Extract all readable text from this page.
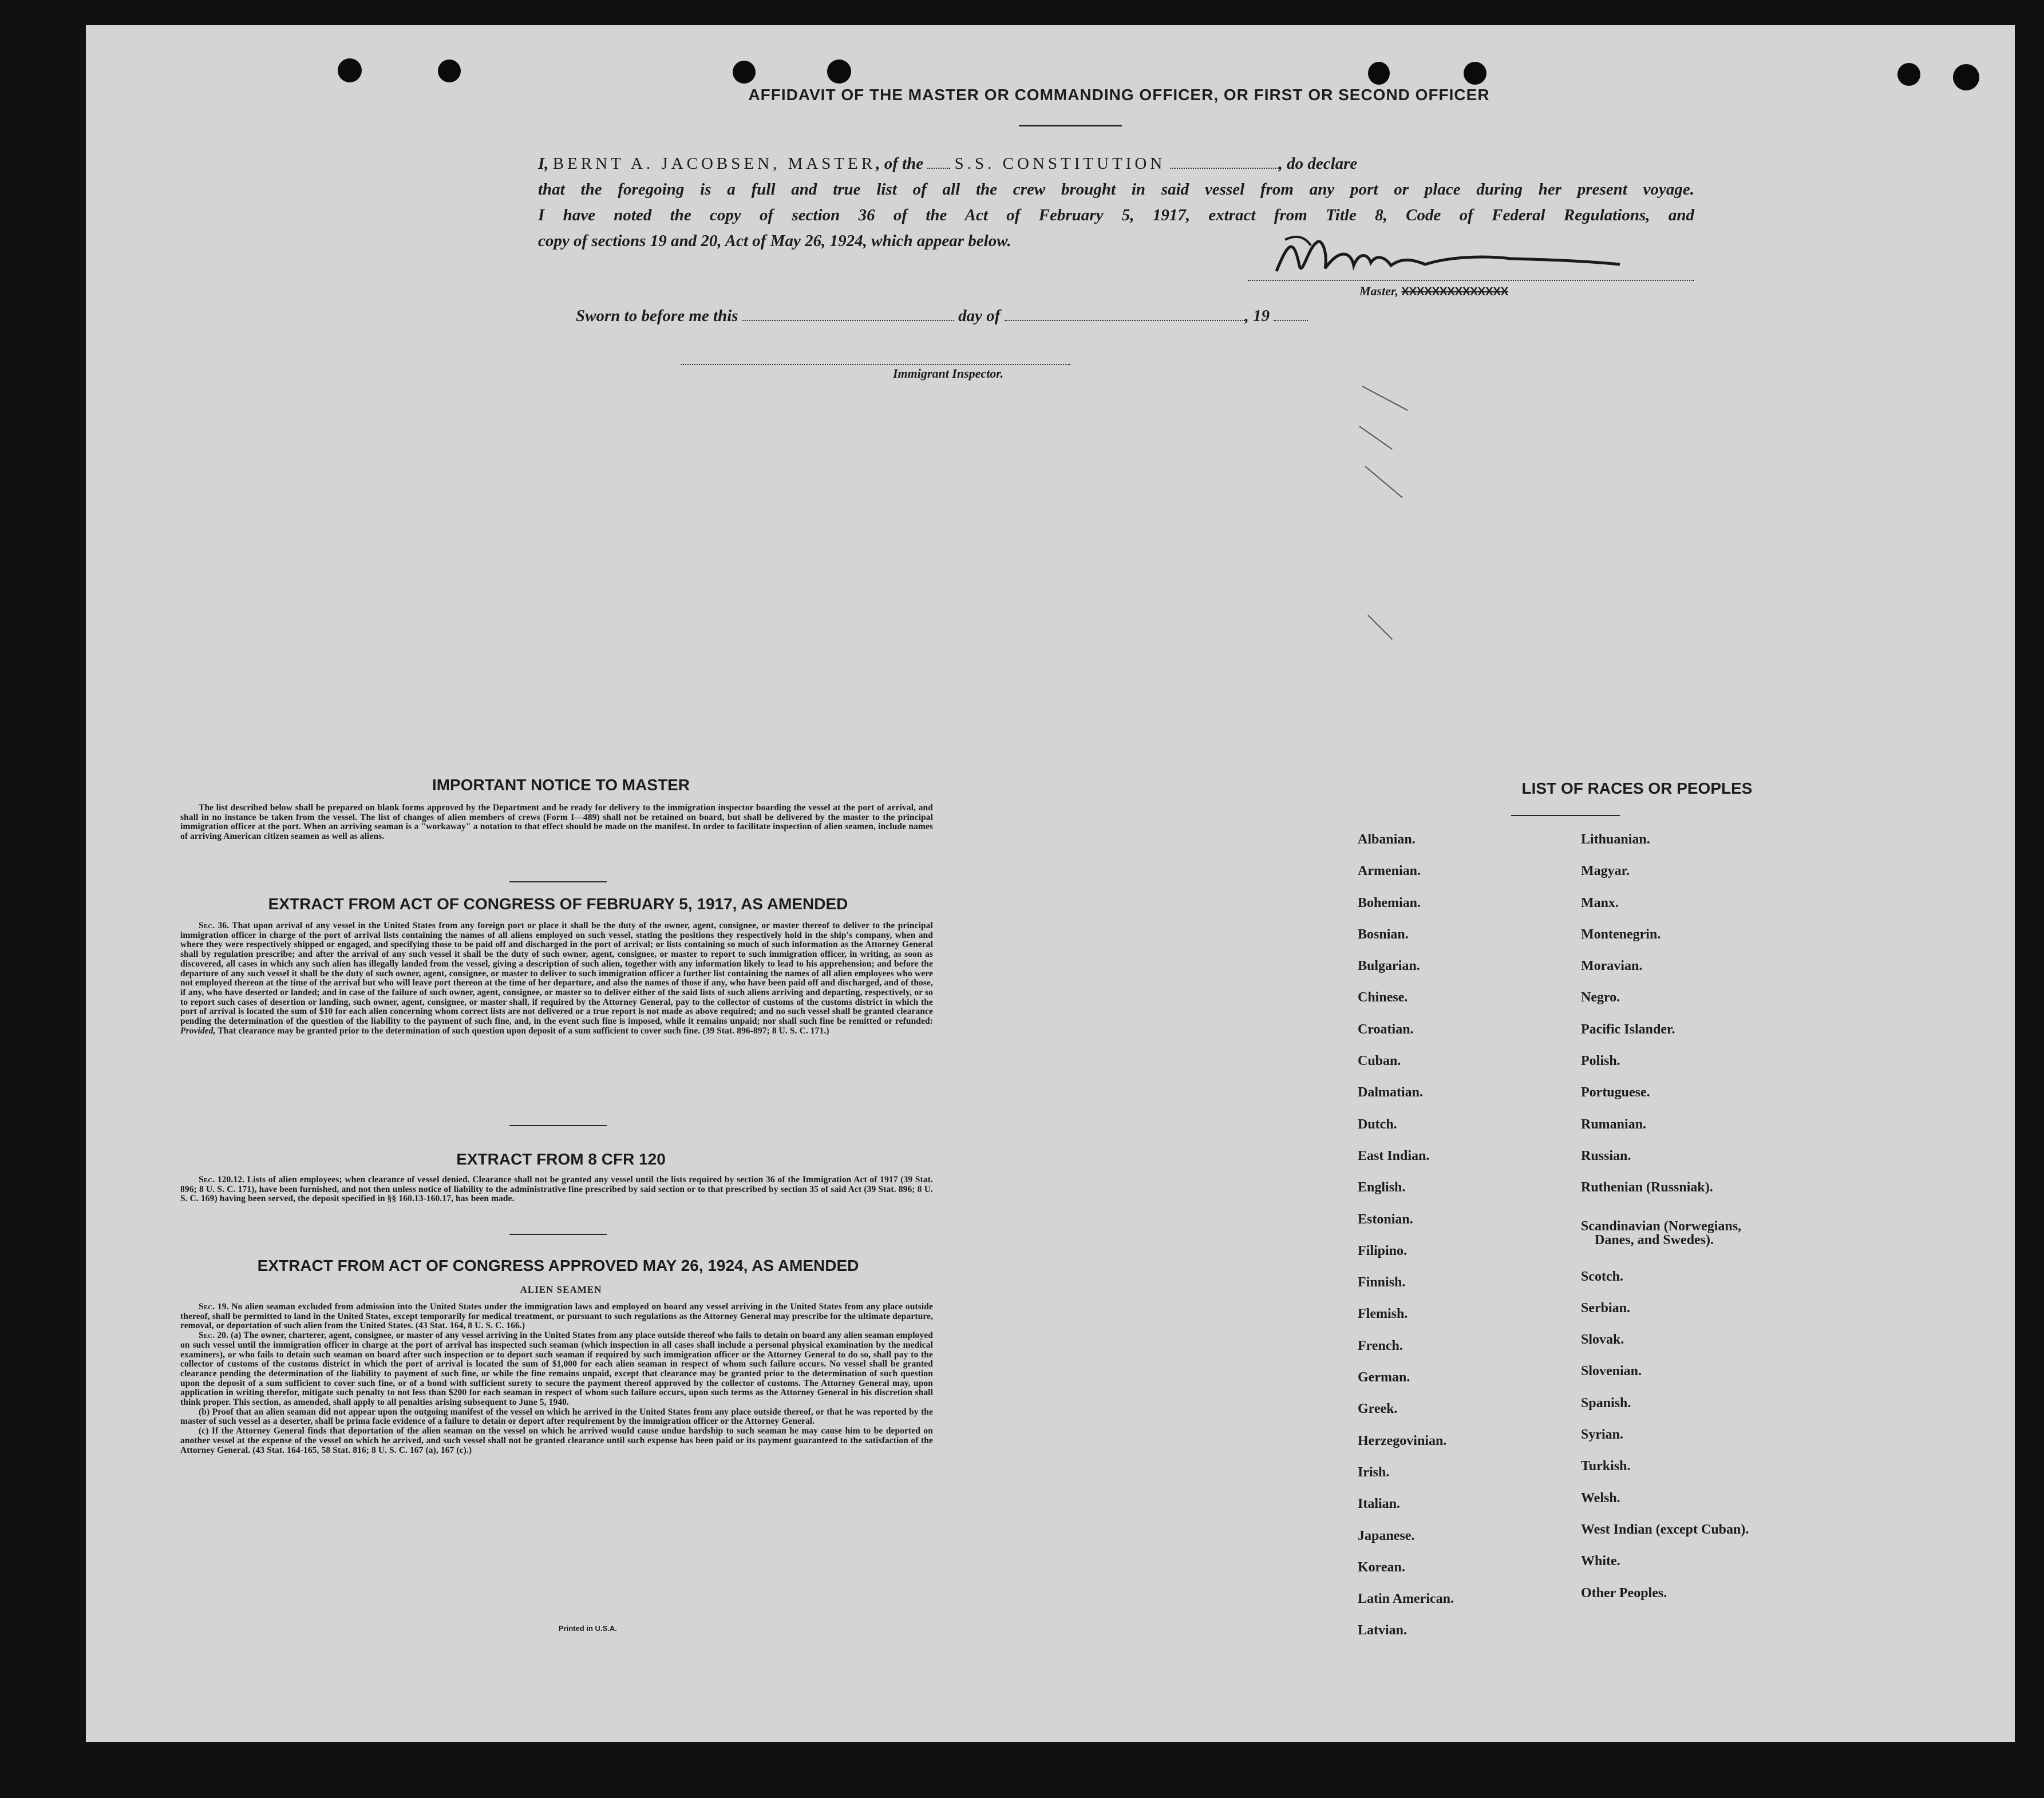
AFFIDAVIT OF THE MASTER OR COMMANDING OFFICER, OR FIRST OR SECOND OFFICER
I, BERNT A. JACOBSEN, MASTER, of the S.S. CONSTITUTION	, do declare
that the foregoing is a full and true list of all the crew brought in said vessel from any port or place during her present voyage.
I have noted the copy of section 36 of the Act of February 5, 1917, extract from Title 8, Code of Federal Regulations, and
copy of sections 19 and 20, Act of May 26, 1924, which appear below.
Master, XXXXXXXXXXXXXX
Sworn to before me this	day of	, 19
Immigrant Inspector.
IMPORTANT NOTICE TO MASTER

The list described below shall be prepared on blank forms approved by the Department and be ready for delivery to the immigration inspector boarding the vessel at the port of arrival, and shall in no instance be taken from the vessel. The list of changes of alien members of crews (Form I—489) shall not be retained on board, but shall be delivered by the master to the principal immigration officer at the port. When an arriving seaman is a "workaway" a notation to that effect should be made on the manifest. In order to facilitate inspection of alien seamen, include names of arriving American citizen seamen as well as aliens.

EXTRACT FROM ACT OF CONGRESS OF FEBRUARY 5, 1917, AS AMENDED

Sec. 36. That upon arrival of any vessel in the United States from any foreign port or place it shall be the duty of the owner, agent, consignee, or master thereof to deliver to the principal immigration officer in charge of the port of arrival lists containing the names of all aliens employed on such vessel, stating the positions they respectively hold in the ship's company, when and where they were respectively shipped or engaged, and specifying those to be paid off and discharged in the port of arrival; or lists containing so much of such information as the Attorney General shall by regulation prescribe; and after the arrival of any such vessel it shall be the duty of such owner, agent, consignee, or master to report to such immigration officer, in writing, as soon as discovered, all cases in which any such alien has illegally landed from the vessel, giving a description of such alien, together with any information likely to lead to his apprehension; and before the departure of any such vessel it shall be the duty of such owner, agent, consignee, or master to deliver to such immigration officer a further list containing the names of all alien employees who were not employed thereon at the time of the arrival but who will leave port thereon at the time of her departure, and also the names of those if any, who have been paid off and discharged, and of those, if any, who have deserted or landed; and in case of the failure of such owner, agent, consignee, or master so to deliver either of the said lists of such aliens arriving and departing, respectively, or so to report such cases of desertion or landing, such owner, agent, consignee, or master shall, if required by the Attorney General, pay to the collector of customs of the customs district in which the port of arrival is located the sum of $10 for each alien concerning whom correct lists are not delivered or a true report is not made as above required; and no such vessel shall be granted clearance pending the determination of the question of the liability to the payment of such fine, and, in the event such fine is imposed, while it remains unpaid; nor shall such fine be remitted or refunded: Provided, That clearance may be granted prior to the determination of such question upon deposit of a sum sufficient to cover such fine. (39 Stat. 896-897; 8 U. S. C. 171.)

EXTRACT FROM 8 CFR 120

Sec. 120.12. Lists of alien employees; when clearance of vessel denied. Clearance shall not be granted any vessel until the lists required by section 36 of the Immigration Act of 1917 (39 Stat. 896; 8 U. S. C. 171), have been furnished, and not then unless notice of liability to the administrative fine prescribed by said section or to that prescribed by section 35 of said Act (39 Stat. 896; 8 U. S. C. 169) having been served, the deposit specified in §§ 160.13-160.17, has been made.

EXTRACT FROM ACT OF CONGRESS APPROVED MAY 26, 1924, AS AMENDED
ALIEN SEAMEN

Sec. 19. No alien seaman excluded from admission into the United States under the immigration laws and employed on board any vessel arriving in the United States from any place outside thereof, shall be permitted to land in the United States, except temporarily for medical treatment, or pursuant to such regulations as the Attorney General may prescribe for the ultimate departure, removal, or deportation of such alien from the United States. (43 Stat. 164, 8 U. S. C. 166.)

Sec. 20. (a) The owner, charterer, agent, consignee, or master of any vessel arriving in the United States from any place outside thereof who fails to detain on board any alien seaman employed on such vessel until the immigration officer in charge at the port of arrival has inspected such seaman (which inspection in all cases shall include a personal physical examination by the medical examiners), or who fails to detain such seaman on board after such inspection or to deport such seaman if required by such immigration officer or the Attorney General to do so, shall pay to the collector of customs of the customs district in which the port of arrival is located the sum of $1,000 for each alien seaman in respect of whom such failure occurs. No vessel shall be granted clearance pending the determination of the liability to payment of such fine, or while the fine remains unpaid, except that clearance may be granted prior to the determination of such question upon the deposit of a sum sufficient to cover such fine, or of a bond with sufficient surety to secure the payment thereof approved by the collector of customs. The Attorney General may, upon application in writing therefor, mitigate such penalty to not less than $200 for each seaman in respect of whom such failure occurs, upon such terms as the Attorney General in his discretion shall think proper. This section, as amended, shall apply to all penalties arising subsequent to June 5, 1940.

(b) Proof that an alien seaman did not appear upon the outgoing manifest of the vessel on which he arrived in the United States from any place outside thereof, or that he was reported by the master of such vessel as a deserter, shall be prima facie evidence of a failure to detain or deport after requirement by the immigration officer or the Attorney General.

(c) If the Attorney General finds that deportation of the alien seaman on the vessel on which he arrived would cause undue hardship to such seaman he may cause him to be deported on another vessel at the expense of the vessel on which he arrived, and such vessel shall not be granted clearance until such expense has been paid or its payment guaranteed to the satisfaction of the Attorney General. (43 Stat. 164-165, 58 Stat. 816; 8 U. S. C. 167 (a), 167 (c).)

Printed in U.S.A.
LIST OF RACES OR PEOPLES
Albanian.
Armenian.
Bohemian.
Bosnian.
Bulgarian.
Chinese.
Croatian.
Cuban.
Dalmatian.
Dutch.
East Indian.
English.
Estonian.
Filipino.
Finnish.
Flemish.
French.
German.
Greek.
Herzegovinian.
Irish.
Italian.
Japanese.
Korean.
Latin American.
Latvian.
Lithuanian.
Magyar.
Manx.
Montenegrin.
Moravian.
Negro.
Pacific Islander.
Polish.
Portuguese.
Rumanian.
Russian.
Ruthenian (Russniak).
Scandinavian (Norwegians,
Danes, and Swedes).
Scotch.
Serbian.
Slovak.
Slovenian.
Spanish.
Syrian.
Turkish.
Welsh.
West Indian (except Cuban).
White.
Other Peoples.
